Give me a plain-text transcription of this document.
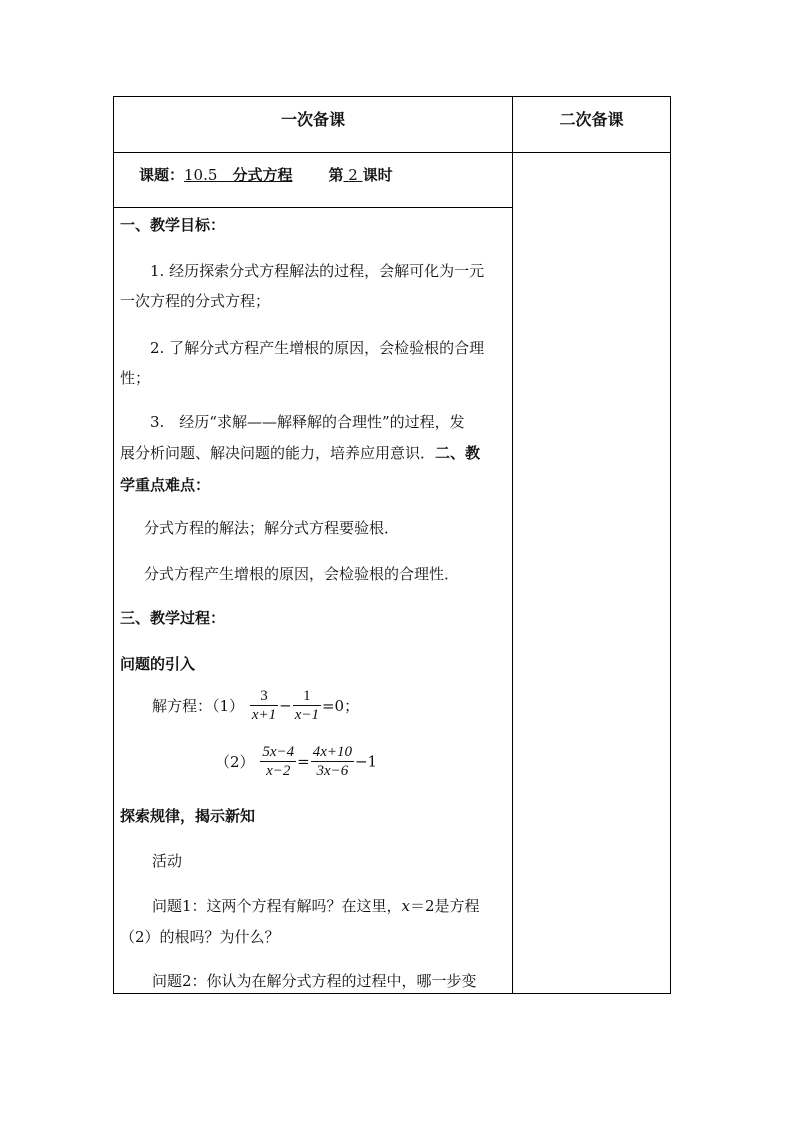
一次备课	二次备课
课题：10.5　 分式方程 第 2 课时
一、教学目标：
1. 经历探索分式方程解法的过程，会解可化为一元
一次方程的分式方程；
2. 了解分式方程产生增根的原因，会检验根的合理
性；
3.　经历“求解——解释解的合理性”的过程，发
展分析问题、解决问题的能力，培养应用意识．二、教
学重点难点：
分式方程的解法；解分式方程要验根．
分式方程产生增根的原因，会检验根的合理性．
三、教学过程：
问题的引入
解方程：$(1) \frac{3}{x+1} - \frac{1}{x-1} =0$；
$(2) \frac{5x-4}{x-2} = \frac{4x+10}{3x-6} -1$
探索规律，揭示新知
活动
问题1：这两个方程有解吗？在这里，x＝2是方程
（2）的根吗？为什么？
问题2：你认为在解分式方程的过程中，哪一步变
